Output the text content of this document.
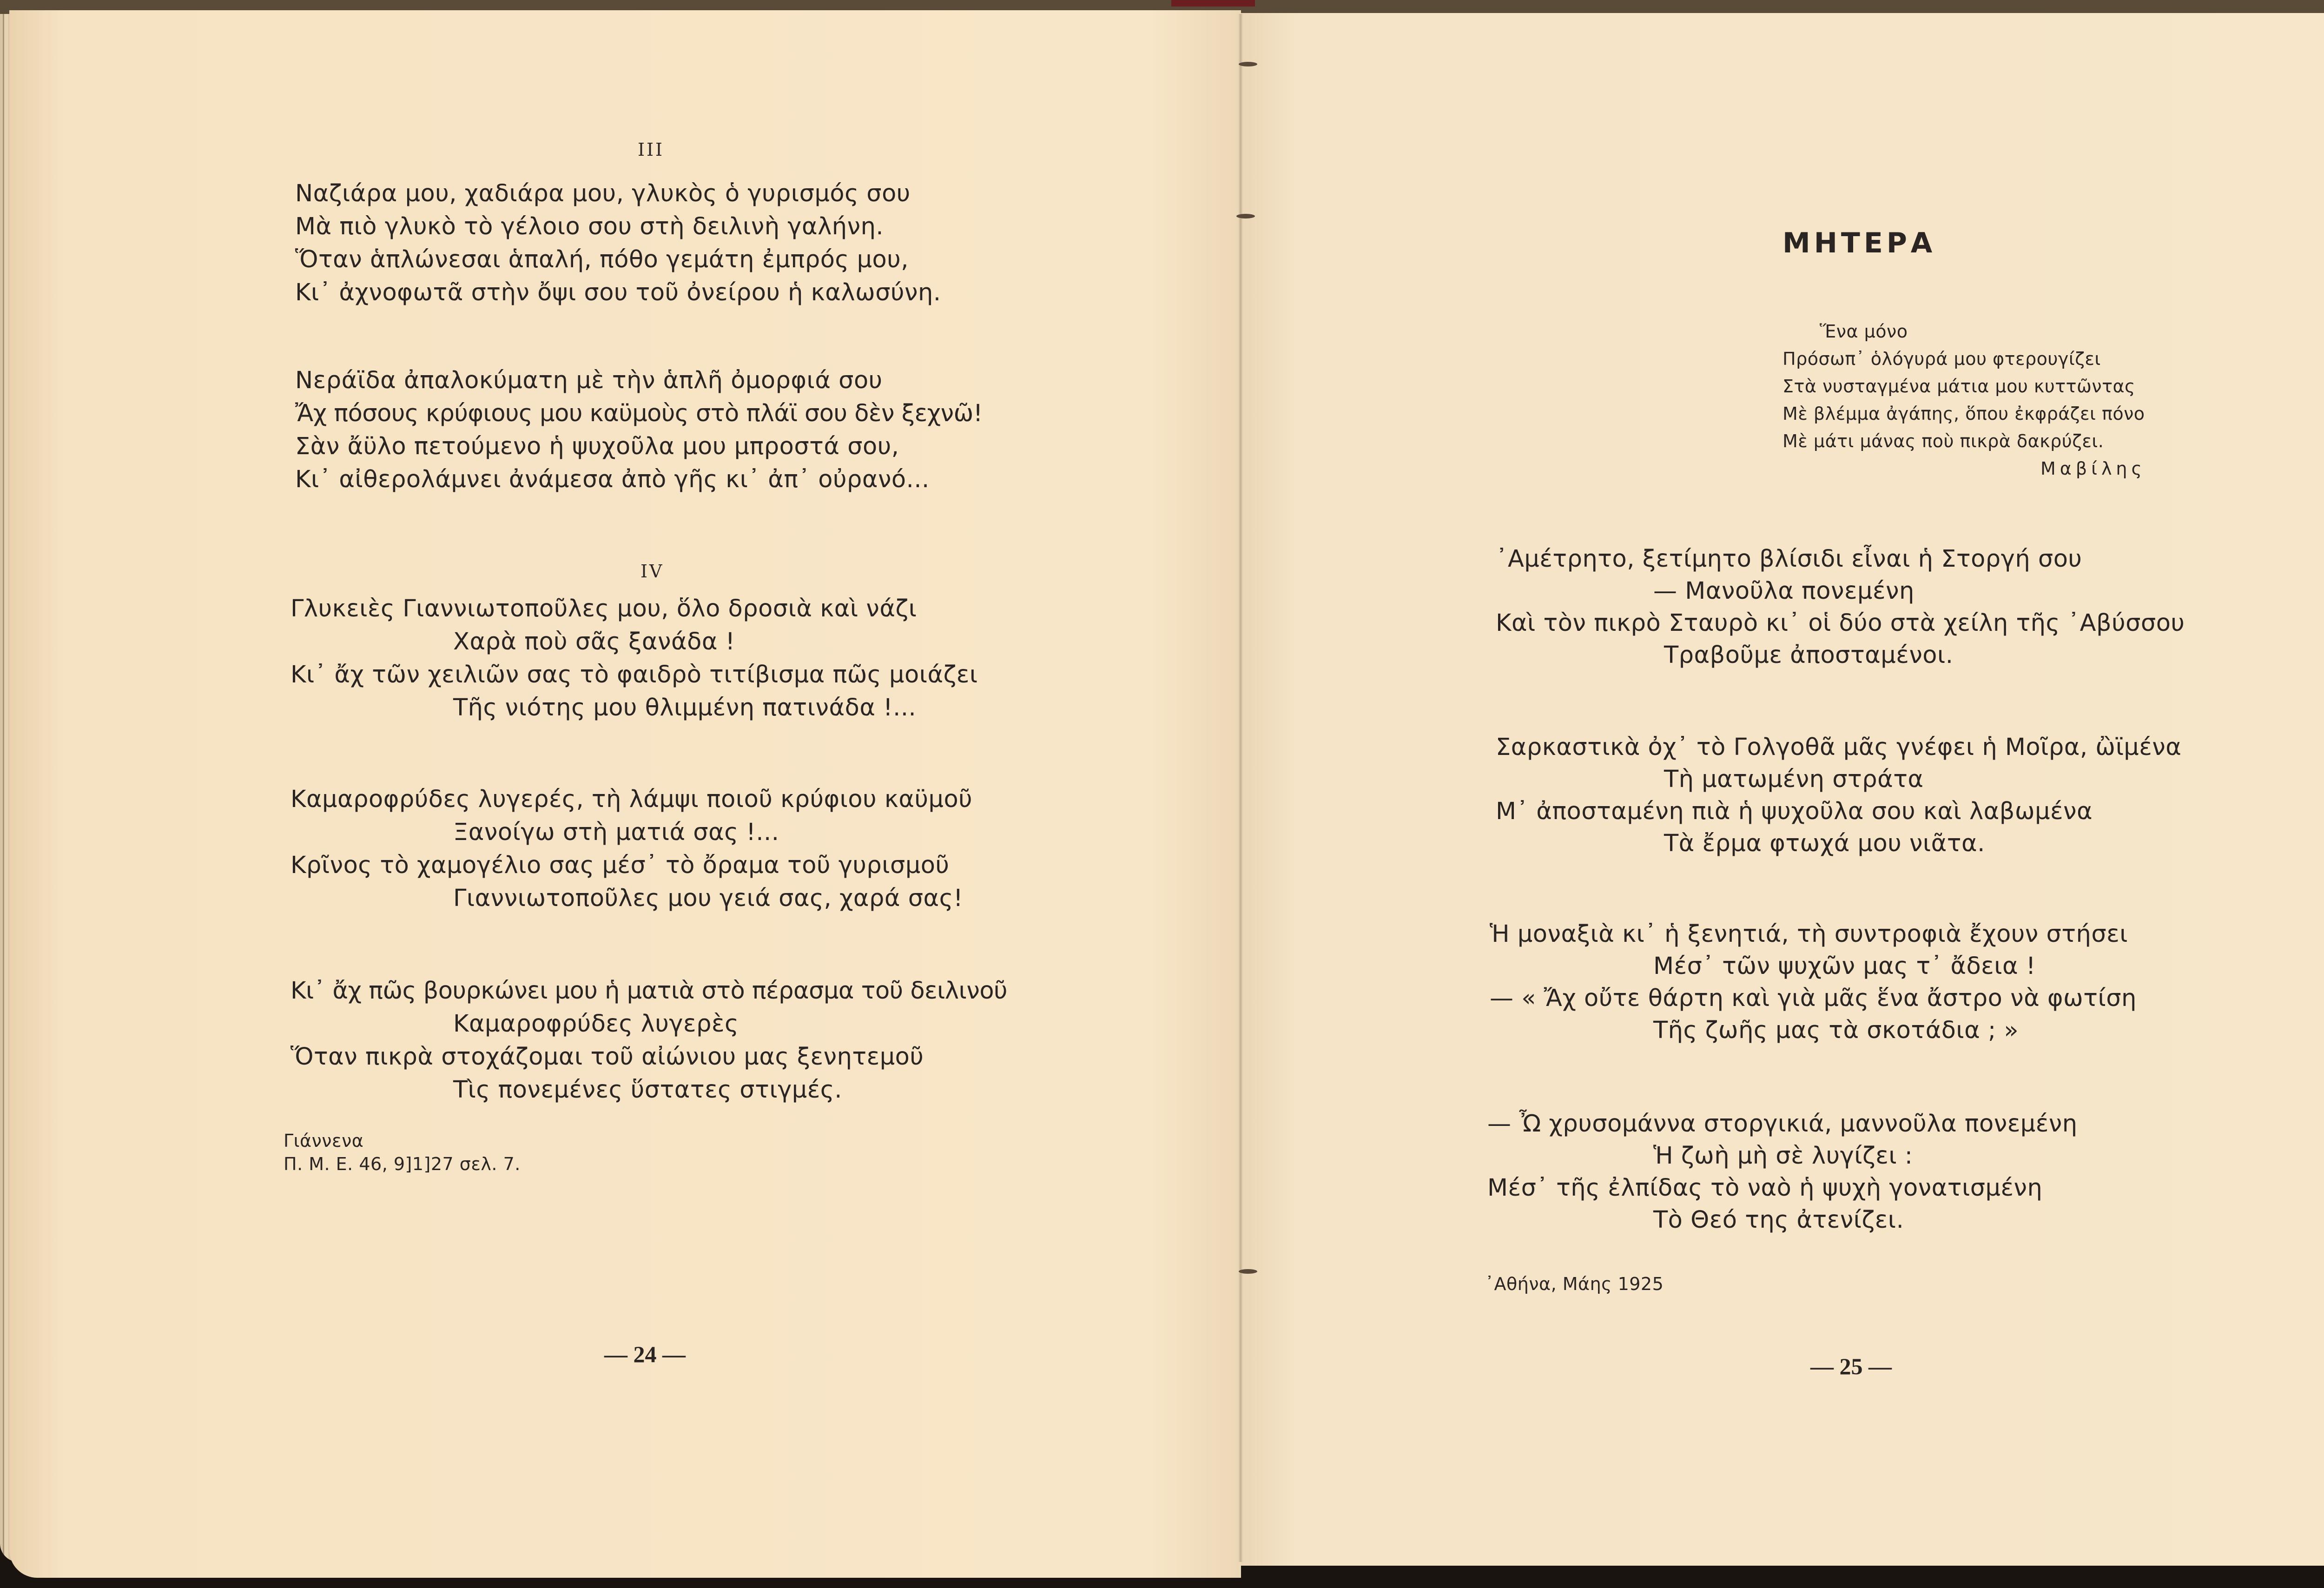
III
Ναζιάρα μου, χαδιάρα μου, γλυκὸς ὁ γυρισμός σου
Μὰ πιὸ γλυκὸ τὸ γέλοιο σου στὴ δειλινὴ γαλήνη.
Ὅταν ἁπλώνεσαι ἁπαλή, πόθο γεμάτη ἐμπρός μου,
Κι᾿ ἀχνοφωτᾶ στὴν ὄψι σου τοῦ ὀνείρου ἡ καλωσύνη.
Νεράϊδα ἀπαλοκύματη μὲ τὴν ἁπλῆ ὀμορφιά σου
Ἄχ πόσους κρύφιους μου καϋμοὺς στὸ πλάϊ σου δὲν ξεχνῶ!
Σὰν ἄϋλο πετούμενο ἡ ψυχοῦλα μου μπροστά σου,
Κι᾿ αἰθερολάμνει ἀνάμεσα ἀπὸ γῆς κι᾿ ἀπ᾿ οὐρανό...
IV
Γλυκειὲς Γιαννιωτοποῦλες μου, ὅλο δροσιὰ καὶ νάζι
Χαρὰ ποὺ σᾶς ξανάδα !
Κι᾿ ἄχ τῶν χειλιῶν σας τὸ φαιδρὸ τιτίβισμα πῶς μοιάζει
Τῆς νιότης μου θλιμμένη πατινάδα !...
Καμαροφρύδες λυγερές, τὴ λάμψι ποιοῦ κρύφιου καϋμοῦ
Ξανοίγω στὴ ματιά σας !...
Κρῖνος τὸ χαμογέλιο σας μέσ᾿ τὸ ὄραμα τοῦ γυρισμοῦ
Γιαννιωτοποῦλες μου γειά σας, χαρά σας!
Κι᾿ ἄχ πῶς βουρκώνει μου ἡ ματιὰ στὸ πέρασμα τοῦ δειλινοῦ
Καμαροφρύδες λυγερὲς
Ὅταν πικρὰ στοχάζομαι τοῦ αἰώνιου μας ξενητεμοῦ
Τὶς πονεμένες ὕστατες στιγμές.
Γιάννενα
Π. Μ. Ε. 46, 9]1]27 σελ. 7.
— 24 —
ΜΗΤΕΡΑ
Ἕνα μόνο
Πρόσωπ᾿ ὁλόγυρά μου φτερουγίζει
Στὰ νυσταγμένα μάτια μου κυττῶντας
Μὲ βλέμμα ἀγάπης, ὅπου ἐκφράζει πόνο
Μὲ μάτι μάνας ποὺ πικρὰ δακρύζει.
Μαβίλης
᾿Αμέτρητο, ξετίμητο βλίσιδι εἶναι ἡ Στοργή σου
— Μανοῦλα πονεμένη
Καὶ τὸν πικρὸ Σταυρὸ κι᾿ οἱ δύο στὰ χείλη τῆς ᾿Αβύσσου
Τραβοῦμε ἀποσταμένοι.
Σαρκαστικὰ ὀχ᾿ τὸ Γολγοθᾶ μᾶς γνέφει ἡ Μοῖρα, ὢϊμένα
Τὴ ματωμένη στράτα
Μ᾿ ἀποσταμένη πιὰ ἡ ψυχοῦλα σου καὶ λαβωμένα
Τὰ ἔρμα φτωχά μου νιᾶτα.
Ἡ μοναξιὰ κι᾿ ἡ ξενητιά, τὴ συντροφιὰ ἔχουν στήσει
Μέσ᾿ τῶν ψυχῶν μας τ᾿ ἄδεια !
— « Ἄχ οὔτε θάρτη καὶ γιὰ μᾶς ἕνα ἄστρο νὰ φωτίση
Τῆς ζωῆς μας τὰ σκοτάδια ; »
— Ὦ χρυσομάννα στοργικιά, μαννοῦλα πονεμένη
Ἡ ζωὴ μὴ σὲ λυγίζει :
Μέσ᾿ τῆς ἐλπίδας τὸ ναὸ ἡ ψυχὴ γονατισμένη
Τὸ Θεό της ἀτενίζει.
᾿Αθήνα, Μάης 1925
— 25 —
